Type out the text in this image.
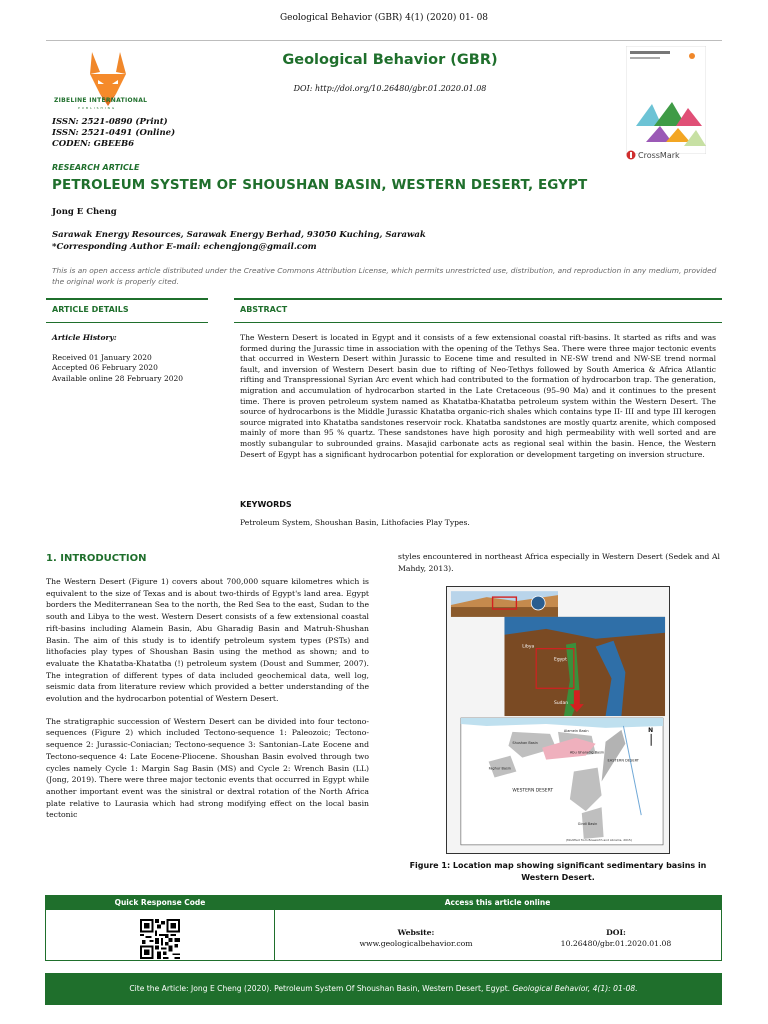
Geological Behavior (GBR) 4(1) (2020) 01- 08
ZIBELINE INTERNATIONAL
PUBLISHING
ISSN: 2521-0890 (Print)
ISSN: 2521-0491 (Online)
CODEN: GBEEB6
Geological Behavior (GBR)
DOI: http://doi.org/10.26480/gbr.01.2020.01.08
CrossMark
RESEARCH ARTICLE
PETROLEUM SYSTEM OF SHOUSHAN BASIN, WESTERN DESERT, EGYPT
Jong E Cheng
Sarawak Energy Resources, Sarawak Energy Berhad, 93050 Kuching, Sarawak
*Corresponding Author E-mail: echengjong@gmail.com
This is an open access article distributed under the Creative Commons Attribution License, which permits unrestricted use, distribution, and reproduction in any medium, provided the original work is properly cited.
ARTICLE DETAILS	ABSTRACT
Article History:
Received 01 January 2020
Accepted 06 February 2020
Available online 28 February 2020
The Western Desert is located in Egypt and it consists of a few extensional coastal rift-basins. It started as rifts and was formed during the Jurassic time in association with the opening of the Tethys Sea. There were three major tectonic events that occurred in Western Desert within Jurassic to Eocene time and resulted in NE-SW trend and NW-SE trend normal fault, and inversion of Western Desert basin due to rifting of Neo-Tethys followed by South America & Africa Atlantic rifting and Transpressional Syrian Arc event which had contributed to the formation of hydrocarbon trap. The generation, migration and accumulation of hydrocarbon started in the Late Cretaceous (95–90 Ma) and it continues to the present time. There is proven petroleum system named as Khatatba-Khatatba petroleum system within the Western Desert. The source of hydrocarbons is the Middle Jurassic Khatatba organic-rich shales which contains type II- III and type III kerogen source migrated into Khatatba sandstones reservoir rock. Khatatba sandstones are mostly quartz arenite, which composed mainly of more than 95 % quartz. These sandstones have high porosity and high permeability with well sorted and are mostly subangular to subrounded grains. Masajid carbonate acts as regional seal within the basin. Hence, the Western Desert of Egypt has a significant hydrocarbon potential for exploration or development targeting on inversion structure.
KEYWORDS
Petroleum System, Shoushan Basin, Lithofacies Play Types.
1. INTRODUCTION

The Western Desert (Figure 1) covers about 700,000 square kilometres which is equivalent to the size of Texas and is about two-thirds of Egypt's land area. Egypt borders the Mediterranean Sea to the north, the Red Sea to the east, Sudan to the south and Libya to the west. Western Desert consists of a few extensional coastal rift-basins including Alamein Basin, Abu Gharadig Basin and Matruh-Shushan Basin. The aim of this study is to identify petroleum system types (PSTs) and lithofacies play types of Shoushan Basin using the method as shown; and to evaluate the Khatatba-Khatatba (!) petroleum system (Doust and Summer, 2007). The integration of different types of data included geochemical data, well log, seismic data from literature review which provided a better understanding of the evolution and the hydrocarbon potential of Western Desert.

The stratigraphic succession of Western Desert can be divided into four tectono-sequences (Figure 2) which included Tectono-sequence 1: Paleozoic; Tectono-sequence 2: Jurassic-Coniacian; Tectono-sequence 3: Santonian–Late Eocene and Tectono-sequence 4: Late Eocene-Pliocene. Shoushan Basin evolved through two cycles namely Cycle 1: Margin Sag Basin (MS) and Cycle 2: Wrench Basin (LL) (Jong, 2019). There were three major tectonic events that occurred in Egypt while another important event was the sinistral or dextral rotation of the North Africa plate relative to Laurasia which had strong modifying effect on the local basin tectonic

styles encountered in northeast Africa especially in Western Desert (Sedek and Al Mahdy, 2013).
Libya
Egypt
Sudan
WESTERN DESERT
EASTERN DESERT
Alamein Basin
Shushan Basin
Abu Gharadig Basin
Faghur Basin
Gindi Basin
N
(Modified from Bosworth and Abrams, 2015)
Figure 1: Location map showing significant sedimentary basins in Western Desert.
Quick Response Code	Access this article online
Website:
www.geologicalbehavior.com
DOI:
10.26480/gbr.01.2020.01.08
Cite the Article: Jong E Cheng (2020). Petroleum System Of Shoushan Basin, Western Desert, Egypt. Geological Behavior, 4(1): 01-08.
